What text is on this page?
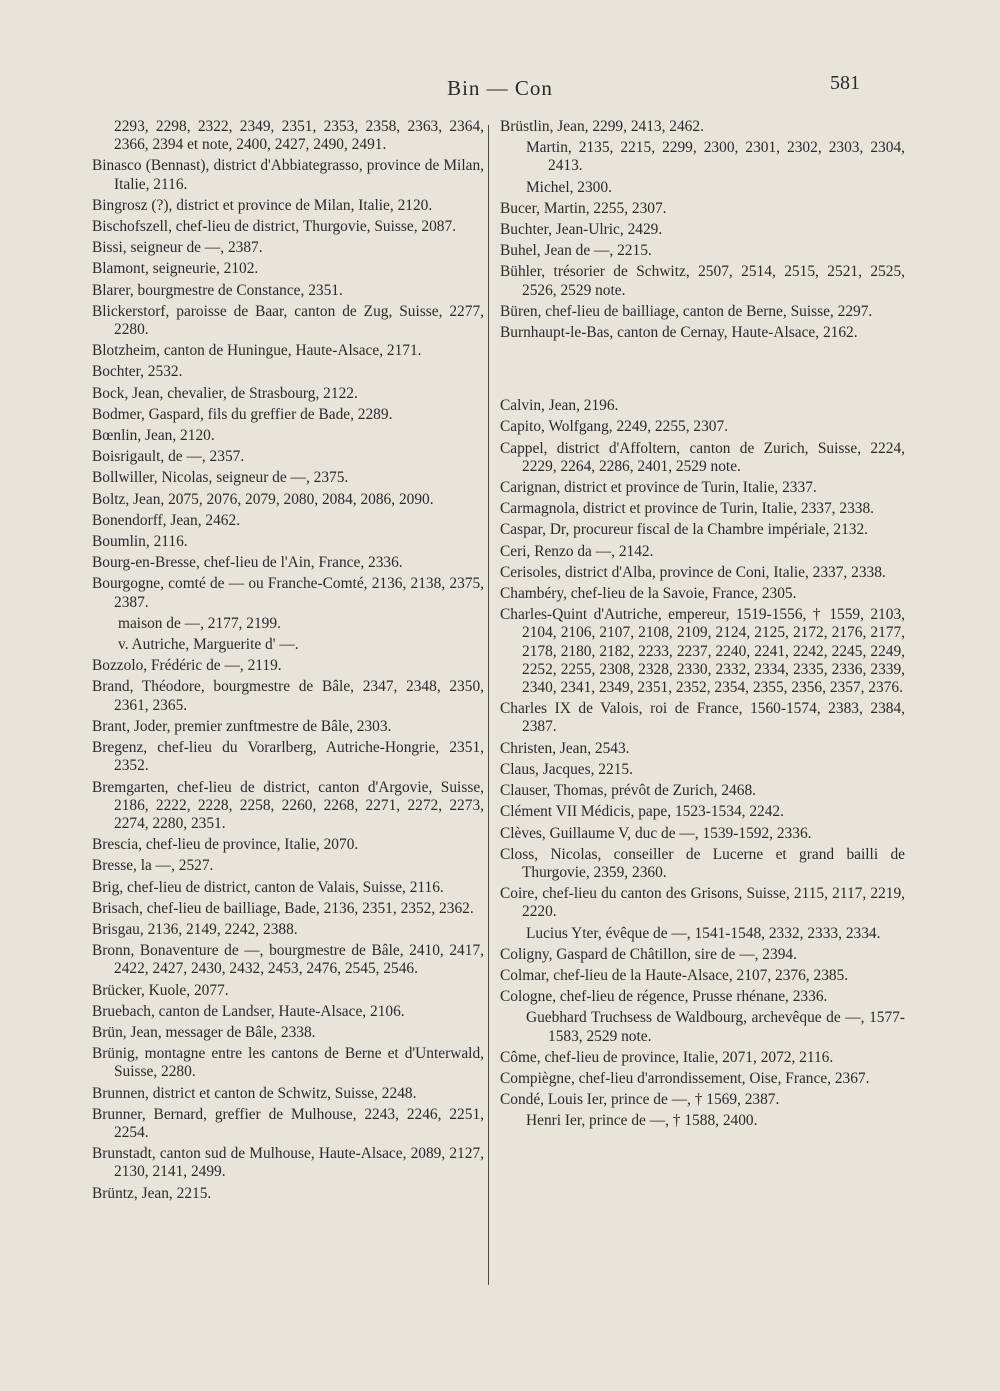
Bin — Con	581
2293, 2298, 2322, 2349, 2351, 2353, 2358, 2363, 2364, 2366, 2394 et note, 2400, 2427, 2490, 2491.
Binasco (Bennast), district d'Abbiategrasso, province de Milan, Italie, 2116.
Bingrosz (?), district et province de Milan, Italie, 2120.
Bischofszell, chef-lieu de district, Thurgovie, Suisse, 2087.
Bissi, seigneur de —, 2387.
Blamont, seigneurie, 2102.
Blarer, bourgmestre de Constance, 2351.
Blickerstorf, paroisse de Baar, canton de Zug, Suisse, 2277, 2280.
Blotzheim, canton de Huningue, Haute-Alsace, 2171.
Bochter, 2532.
Bock, Jean, chevalier, de Strasbourg, 2122.
Bodmer, Gaspard, fils du greffier de Bade, 2289.
Bœnlin, Jean, 2120.
Boisrigault, de —, 2357.
Bollwiller, Nicolas, seigneur de —, 2375.
Boltz, Jean, 2075, 2076, 2079, 2080, 2084, 2086, 2090.
Bonendorff, Jean, 2462.
Boumlin, 2116.
Bourg-en-Bresse, chef-lieu de l'Ain, France, 2336.
Bourgogne, comté de — ou Franche-Comté, 2136, 2138, 2375, 2387.
maison de —, 2177, 2199.
v. Autriche, Marguerite d' —.
Bozzolo, Frédéric de —, 2119.
Brand, Théodore, bourgmestre de Bâle, 2347, 2348, 2350, 2361, 2365.
Brant, Joder, premier zunftmestre de Bâle, 2303.
Bregenz, chef-lieu du Vorarlberg, Autriche-Hongrie, 2351, 2352.
Bremgarten, chef-lieu de district, canton d'Argovie, Suisse, 2186, 2222, 2228, 2258, 2260, 2268, 2271, 2272, 2273, 2274, 2280, 2351.
Brescia, chef-lieu de province, Italie, 2070.
Bresse, la —, 2527.
Brig, chef-lieu de district, canton de Valais, Suisse, 2116.
Brisach, chef-lieu de bailliage, Bade, 2136, 2351, 2352, 2362.
Brisgau, 2136, 2149, 2242, 2388.
Bronn, Bonaventure de —, bourgmestre de Bâle, 2410, 2417, 2422, 2427, 2430, 2432, 2453, 2476, 2545, 2546.
Brücker, Kuole, 2077.
Bruebach, canton de Landser, Haute-Alsace, 2106.
Brün, Jean, messager de Bâle, 2338.
Brünig, montagne entre les cantons de Berne et d'Unterwald, Suisse, 2280.
Brunnen, district et canton de Schwitz, Suisse, 2248.
Brunner, Bernard, greffier de Mulhouse, 2243, 2246, 2251, 2254.
Brunstadt, canton sud de Mulhouse, Haute-Alsace, 2089, 2127, 2130, 2141, 2499.
Brüntz, Jean, 2215.
Brüstlin, Jean, 2299, 2413, 2462.
Martin, 2135, 2215, 2299, 2300, 2301, 2302, 2303, 2304, 2413.
Michel, 2300.
Bucer, Martin, 2255, 2307.
Buchter, Jean-Ulric, 2429.
Buhel, Jean de —, 2215.
Bühler, trésorier de Schwitz, 2507, 2514, 2515, 2521, 2525, 2526, 2529 note.
Büren, chef-lieu de bailliage, canton de Berne, Suisse, 2297.
Burnhaupt-le-Bas, canton de Cernay, Haute-Alsace, 2162.
Calvin, Jean, 2196.
Capito, Wolfgang, 2249, 2255, 2307.
Cappel, district d'Affoltern, canton de Zurich, Suisse, 2224, 2229, 2264, 2286, 2401, 2529 note.
Carignan, district et province de Turin, Italie, 2337.
Carmagnola, district et province de Turin, Italie, 2337, 2338.
Caspar, Dr, procureur fiscal de la Chambre impériale, 2132.
Ceri, Renzo da —, 2142.
Cerisoles, district d'Alba, province de Coni, Italie, 2337, 2338.
Chambéry, chef-lieu de la Savoie, France, 2305.
Charles-Quint d'Autriche, empereur, 1519-1556, † 1559, 2103, 2104, 2106, 2107, 2108, 2109, 2124, 2125, 2172, 2176, 2177, 2178, 2180, 2182, 2233, 2237, 2240, 2241, 2242, 2245, 2249, 2252, 2255, 2308, 2328, 2330, 2332, 2334, 2335, 2336, 2339, 2340, 2341, 2349, 2351, 2352, 2354, 2355, 2356, 2357, 2376.
Charles IX de Valois, roi de France, 1560-1574, 2383, 2384, 2387.
Christen, Jean, 2543.
Claus, Jacques, 2215.
Clauser, Thomas, prévôt de Zurich, 2468.
Clément VII Médicis, pape, 1523-1534, 2242.
Clèves, Guillaume V, duc de —, 1539-1592, 2336.
Closs, Nicolas, conseiller de Lucerne et grand bailli de Thurgovie, 2359, 2360.
Coire, chef-lieu du canton des Grisons, Suisse, 2115, 2117, 2219, 2220.
Lucius Yter, évêque de —, 1541-1548, 2332, 2333, 2334.
Coligny, Gaspard de Châtillon, sire de —, 2394.
Colmar, chef-lieu de la Haute-Alsace, 2107, 2376, 2385.
Cologne, chef-lieu de régence, Prusse rhénane, 2336.
Guebhard Truchsess de Waldbourg, archevêque de —, 1577-1583, 2529 note.
Côme, chef-lieu de province, Italie, 2071, 2072, 2116.
Compiègne, chef-lieu d'arrondissement, Oise, France, 2367.
Condé, Louis Ier, prince de —, † 1569, 2387.
Henri Ier, prince de —, † 1588, 2400.
